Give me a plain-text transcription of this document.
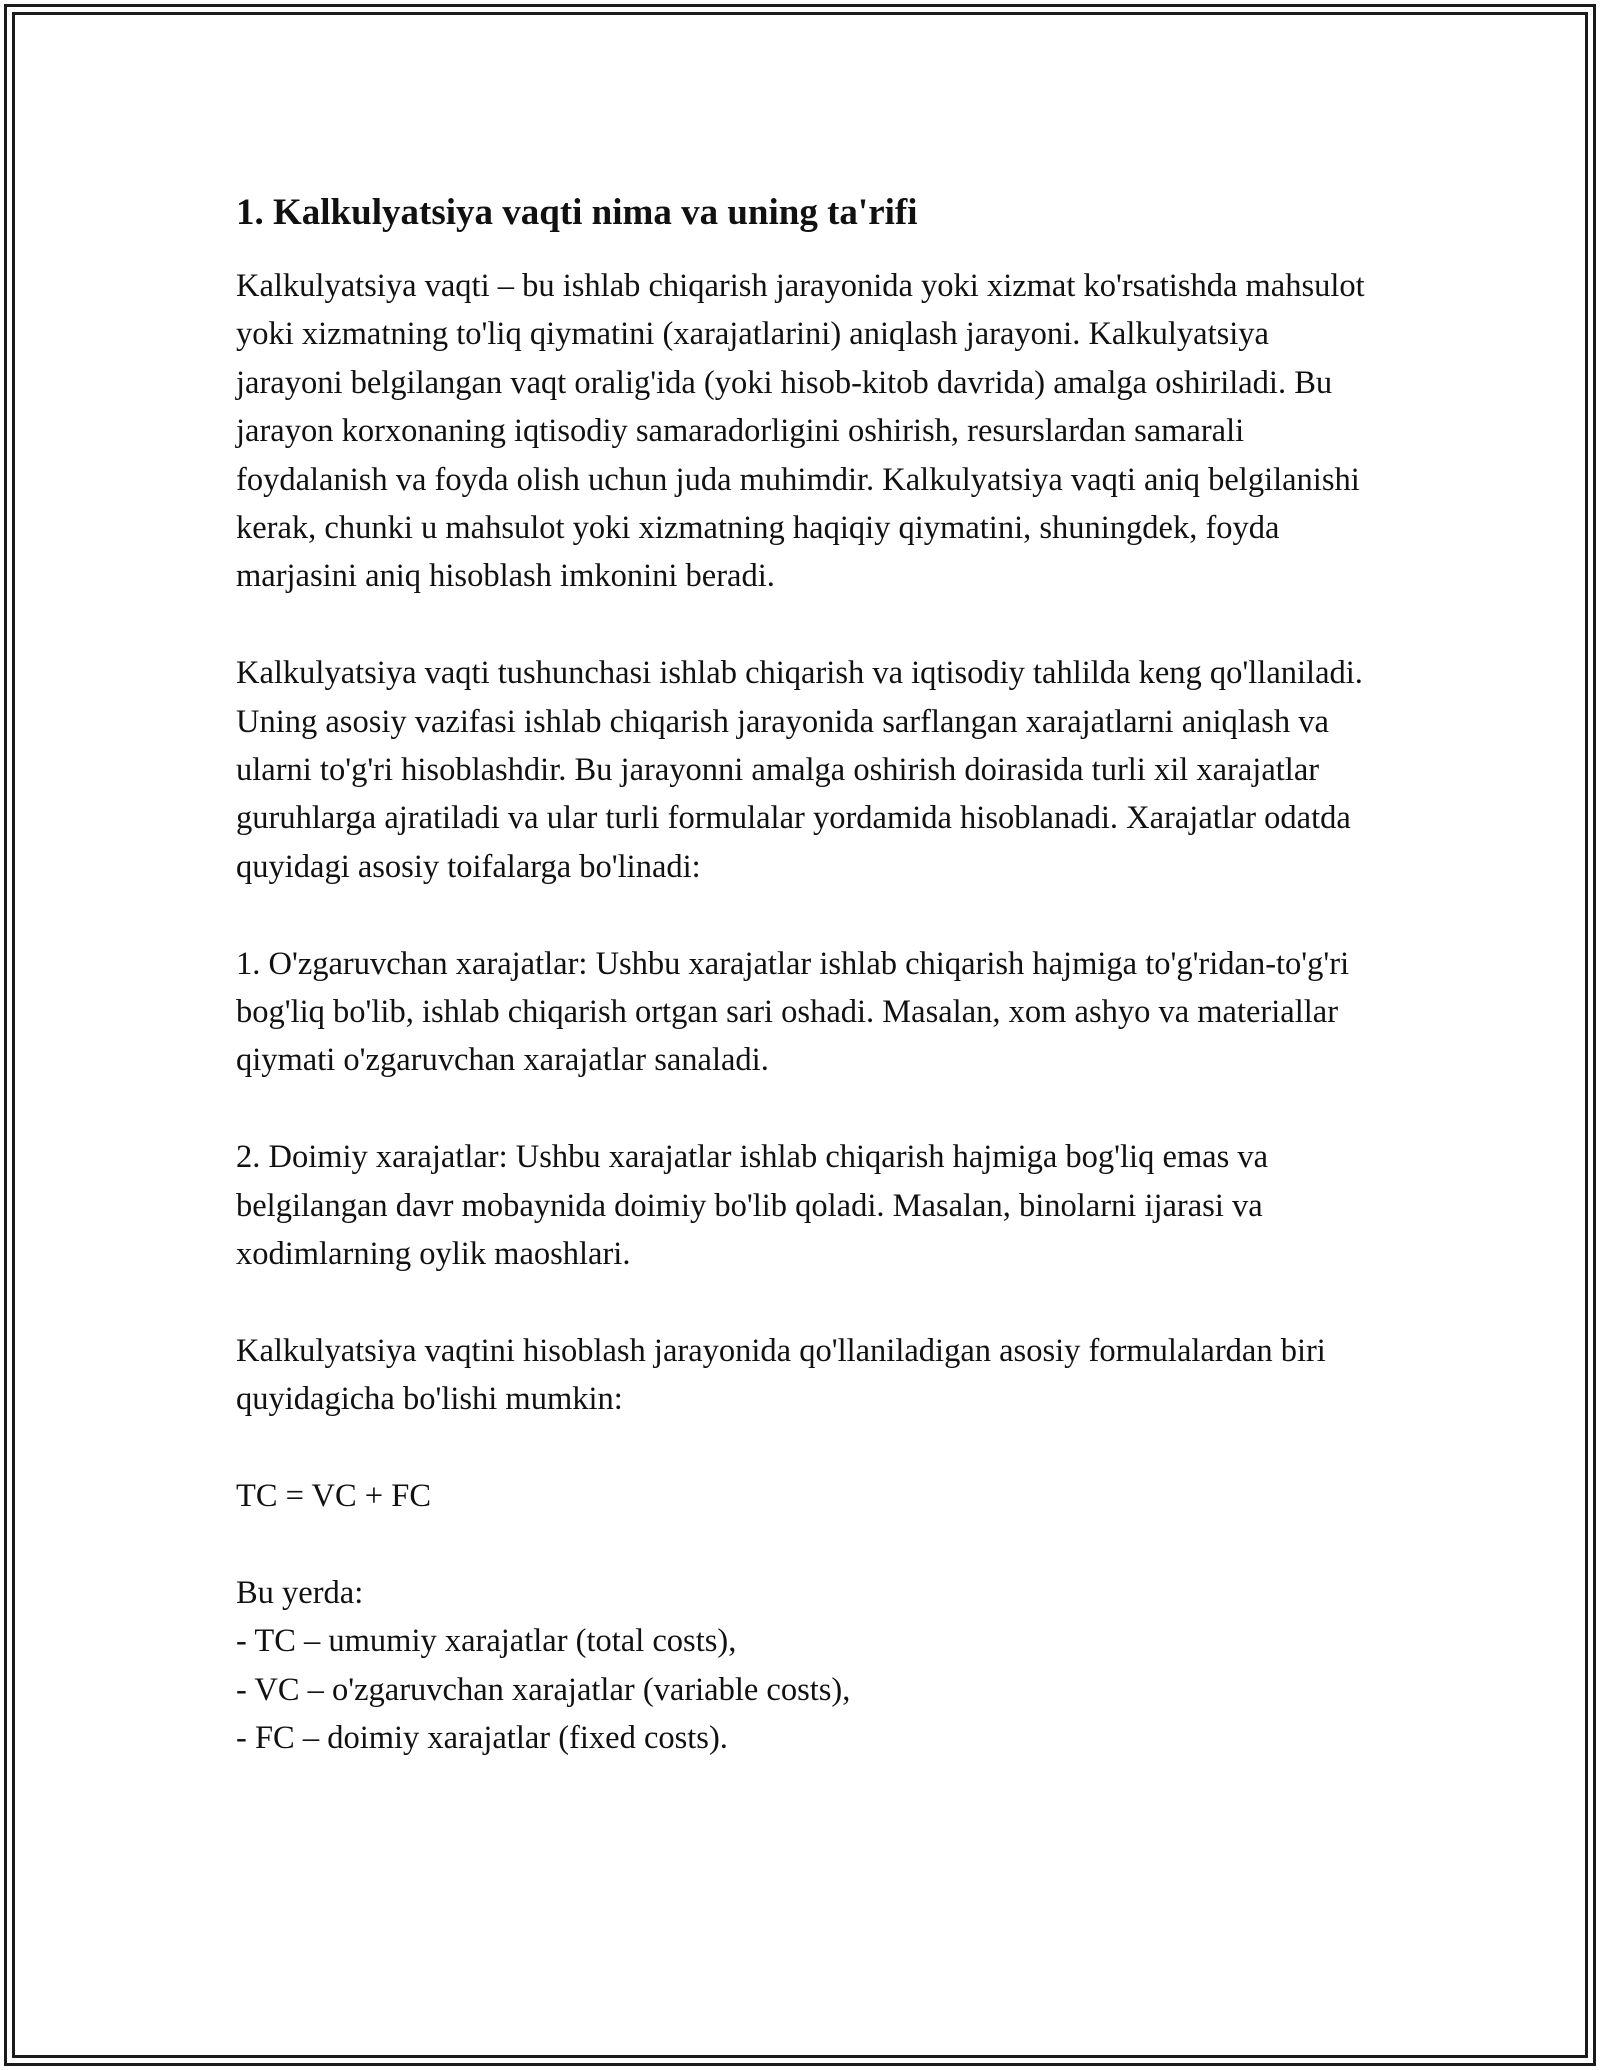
1. Kalkulyatsiya vaqti nima va uning ta'rifi

Kalkulyatsiya vaqti – bu ishlab chiqarish jarayonida yoki xizmat ko'rsatishda mahsulot yoki xizmatning to'liq qiymatini (xarajatlarini) aniqlash jarayoni. Kalkulyatsiya jarayoni belgilangan vaqt oralig'ida (yoki hisob-kitob davrida) amalga oshiriladi. Bu jarayon korxonaning iqtisodiy samaradorligini oshirish, resurslardan samarali foydalanish va foyda olish uchun juda muhimdir. Kalkulyatsiya vaqti aniq belgilanishi kerak, chunki u mahsulot yoki xizmatning haqiqiy qiymatini, shuningdek, foyda marjasini aniq hisoblash imkonini beradi.

Kalkulyatsiya vaqti tushunchasi ishlab chiqarish va iqtisodiy tahlilda keng qo'llaniladi. Uning asosiy vazifasi ishlab chiqarish jarayonida sarflangan xarajatlarni aniqlash va ularni to'g'ri hisoblashdir. Bu jarayonni amalga oshirish doirasida turli xil xarajatlar guruhlarga ajratiladi va ular turli formulalar yordamida hisoblanadi. Xarajatlar odatda quyidagi asosiy toifalarga bo'linadi:

1. O'zgaruvchan xarajatlar: Ushbu xarajatlar ishlab chiqarish hajmiga to'g'ridan-to'g'ri bog'liq bo'lib, ishlab chiqarish ortgan sari oshadi. Masalan, xom ashyo va materiallar qiymati o'zgaruvchan xarajatlar sanaladi.

2. Doimiy xarajatlar: Ushbu xarajatlar ishlab chiqarish hajmiga bog'liq emas va belgilangan davr mobaynida doimiy bo'lib qoladi. Masalan, binolarni ijarasi va xodimlarning oylik maoshlari.

Kalkulyatsiya vaqtini hisoblash jarayonida qo'llaniladigan asosiy formulalardan biri quyidagicha bo'lishi mumkin:

TC = VC + FC

Bu yerda:

- TC – umumiy xarajatlar (total costs),

- VC – o'zgaruvchan xarajatlar (variable costs),

- FC – doimiy xarajatlar (fixed costs).
